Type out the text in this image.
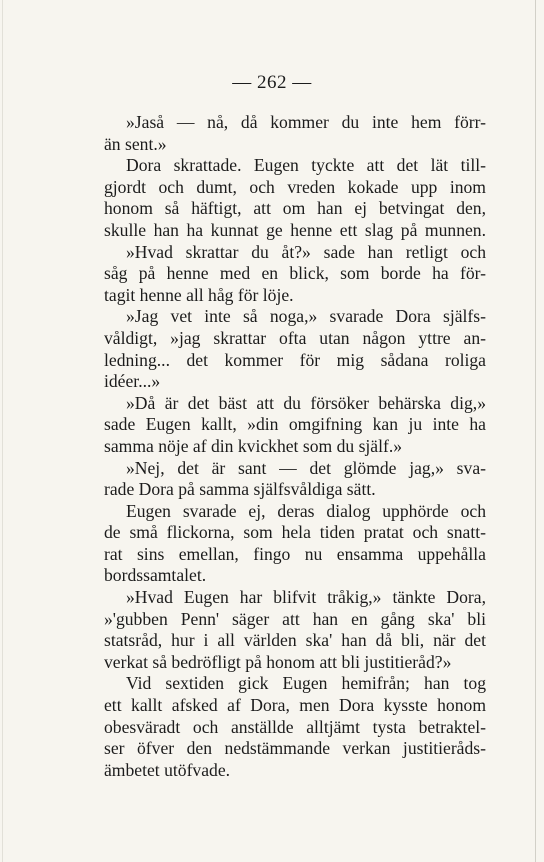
— 262 —
»Jaså — nå, då kommer du inte hem förr-
än sent.»
Dora skrattade. Eugen tyckte att det lät till-
gjordt och dumt, och vreden kokade upp inom
honom så häftigt, att om han ej betvingat den,
skulle han ha kunnat ge henne ett slag på munnen.
»Hvad skrattar du åt?» sade han retligt och
såg på henne med en blick, som borde ha för-
tagit henne all håg för löje.
»Jag vet inte så noga,» svarade Dora själfs-
våldigt, »jag skrattar ofta utan någon yttre an-
ledning... det kommer för mig sådana roliga
idéer...»
»Då är det bäst att du försöker behärska dig,»
sade Eugen kallt, »din omgifning kan ju inte ha
samma nöje af din kvickhet som du själf.»
»Nej, det är sant — det glömde jag,» sva-
rade Dora på samma själfsvåldiga sätt.
Eugen svarade ej, deras dialog upphörde och
de små flickorna, som hela tiden pratat och snatt-
rat sins emellan, fingo nu ensamma uppehålla
bordssamtalet.
»Hvad Eugen har blifvit tråkig,» tänkte Dora,
»'gubben Penn' säger att han en gång ska' bli
statsråd, hur i all världen ska' han då bli, när det
verkat så bedröfligt på honom att bli justitieråd?»
Vid sextiden gick Eugen hemifrån; han tog
ett kallt afsked af Dora, men Dora kysste honom
obesväradt och anställde alltjämt tysta betraktel-
ser öfver den nedstämmande verkan justitieråds-
ämbetet utöfvade.
